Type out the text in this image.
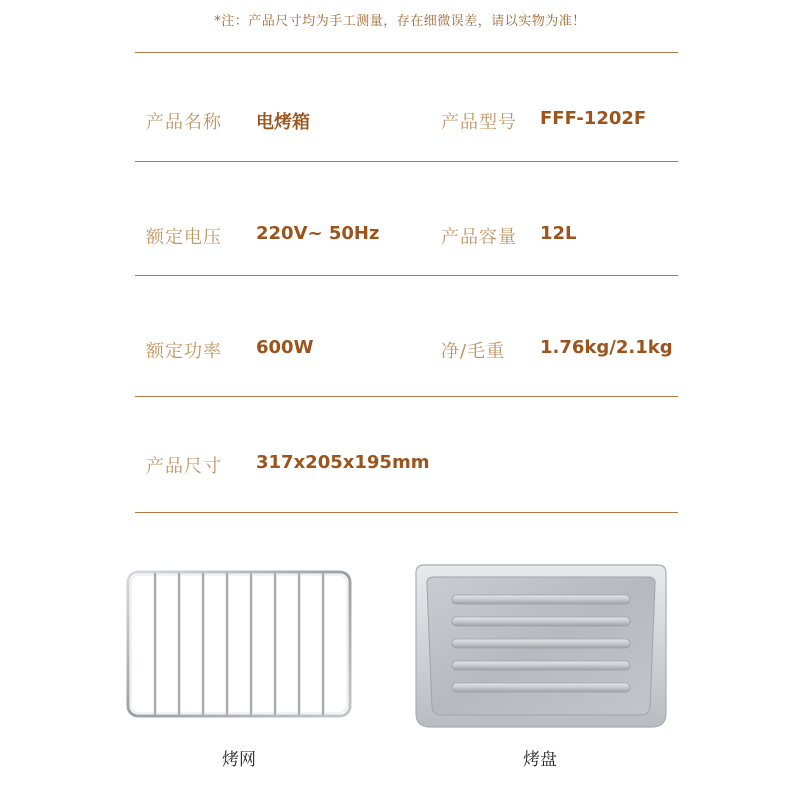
*注：产品尺寸均为手工测量，存在细微误差，请以实物为准！
产品名称 电烤箱	产品型号 FFF-1202F
额定电压 220V~ 50Hz	产品容量 12L
额定功率 600W	净/毛重 1.76kg/2.1kg
产品尺寸 317x205x195mm
烤网	烤盘
